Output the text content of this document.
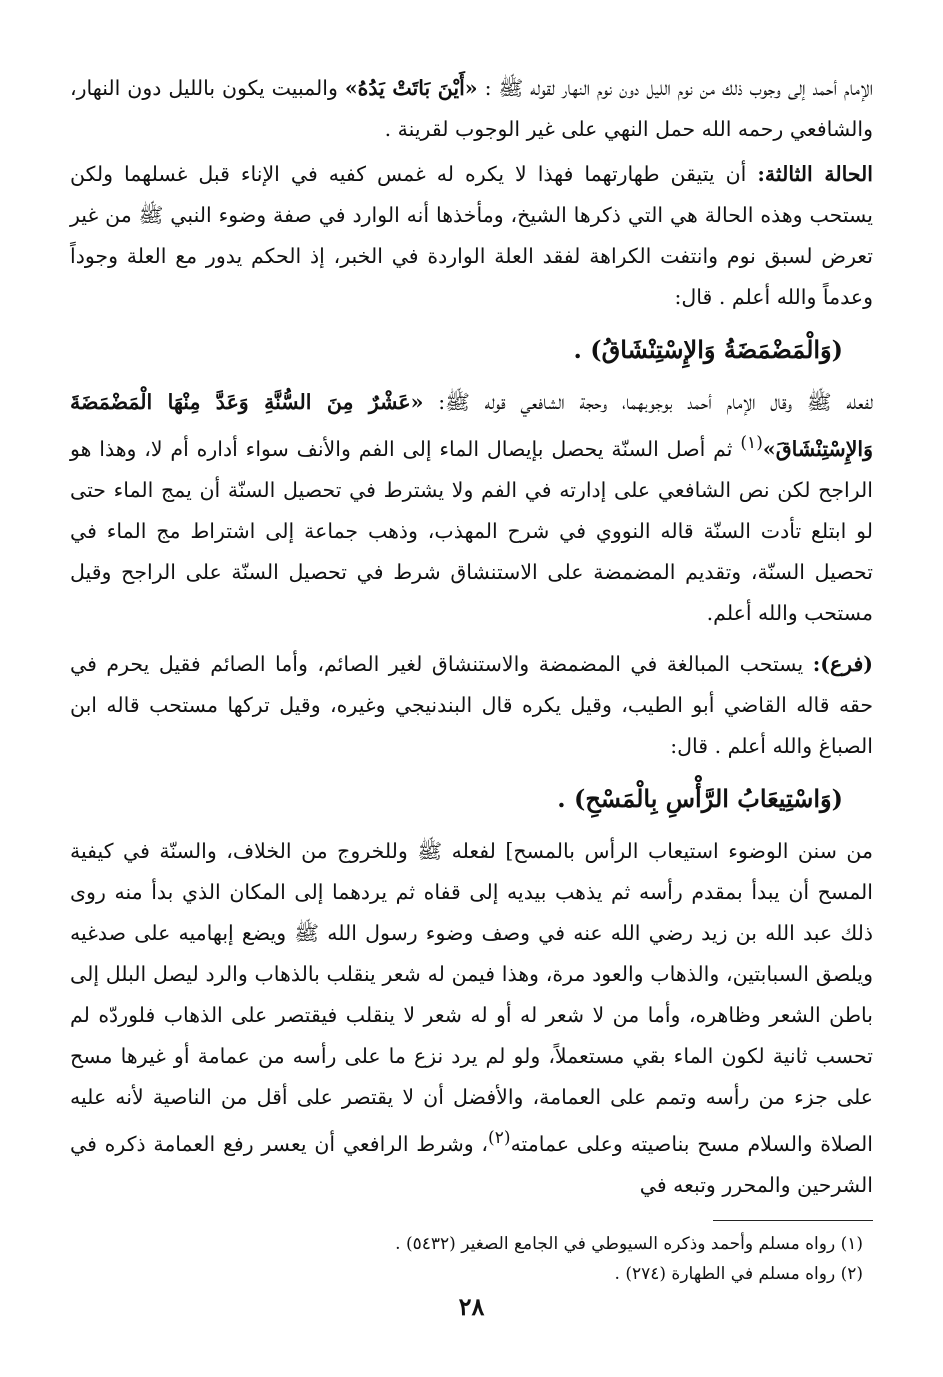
الإمام أحمد إلى وجوب ذلك من نوم الليل دون نوم النهار لقوله ﷺ : «أَيْنَ بَاتَتْ يَدُهُ» والمبيت يكون بالليل دون النهار، والشافعي رحمه الله حمل النهي على غير الوجوب لقرينة .

الحالة الثالثة: أن يتيقن طهارتهما فهذا لا يكره له غمس كفيه في الإناء قبل غسلهما ولكن يستحب وهذه الحالة هي التي ذكرها الشيخ، ومأخذها أنه الوارد في صفة وضوء النبي ﷺ من غير تعرض لسبق نوم وانتفت الكراهة لفقد العلة الواردة في الخبر، إذ الحكم يدور مع العلة وجوداً وعدماً والله أعلم . قال:

(وَالْمَضْمَضَةُ وَالإِسْتِنْشَاقُ) .

لفعله ﷺ وقال الإمام أحمد بوجوبهما، وحجة الشافعي قوله ﷺ: «عَشْرٌ مِنَ السُّنَّةِ وَعَدَّ مِنْهَا الْمَضْمَضَةَ وَالإِسْتِنْشَاقَ»$^{(١)}$ ثم أصل السنّة يحصل بإيصال الماء إلى الفم والأنف سواء أداره أم لا، وهذا هو الراجح لكن نص الشافعي على إدارته في الفم ولا يشترط في تحصيل السنّة أن يمج الماء حتى لو ابتلع تأدت السنّة قاله النووي في شرح المهذب، وذهب جماعة إلى اشتراط مج الماء في تحصيل السنّة، وتقديم المضمضة على الاستنشاق شرط في تحصيل السنّة على الراجح وقيل مستحب والله أعلم.

(فرع): يستحب المبالغة في المضمضة والاستنشاق لغير الصائم، وأما الصائم فقيل يحرم في حقه قاله القاضي أبو الطيب، وقيل يكره قال البندنيجي وغيره، وقيل تركها مستحب قاله ابن الصباغ والله أعلم . قال:

(وَاسْتِيعَابُ الرَّأْسِ بِالْمَسْحِ) .

من سنن الوضوء استيعاب الرأس بالمسح] لفعله ﷺ وللخروج من الخلاف، والسنّة في كيفية المسح أن يبدأ بمقدم رأسه ثم يذهب بيديه إلى قفاه ثم يردهما إلى المكان الذي بدأ منه روى ذلك عبد الله بن زيد رضي الله عنه في وصف وضوء رسول الله ﷺ ويضع إبهاميه على صدغيه ويلصق السبابتين، والذهاب والعود مرة، وهذا فيمن له شعر ينقلب بالذهاب والرد ليصل البلل إلى باطن الشعر وظاهره، وأما من لا شعر له أو له شعر لا ينقلب فيقتصر على الذهاب فلوردّه لم تحسب ثانية لكون الماء بقي مستعملاً، ولو لم يرد نزع ما على رأسه من عمامة أو غيرها مسح على جزء من رأسه وتمم على العمامة، والأفضل أن لا يقتصر على أقل من الناصية لأنه عليه الصلاة والسلام مسح بناصيته وعلى عمامته$^{(٢)}$، وشرط الرافعي أن يعسر رفع العمامة ذكره في الشرحين والمحرر وتبعه في

(١) رواه مسلم وأحمد وذكره السيوطي في الجامع الصغير (٥٤٣٢) .
(٢) رواه مسلم في الطهارة (٢٧٤) .
٢٨
